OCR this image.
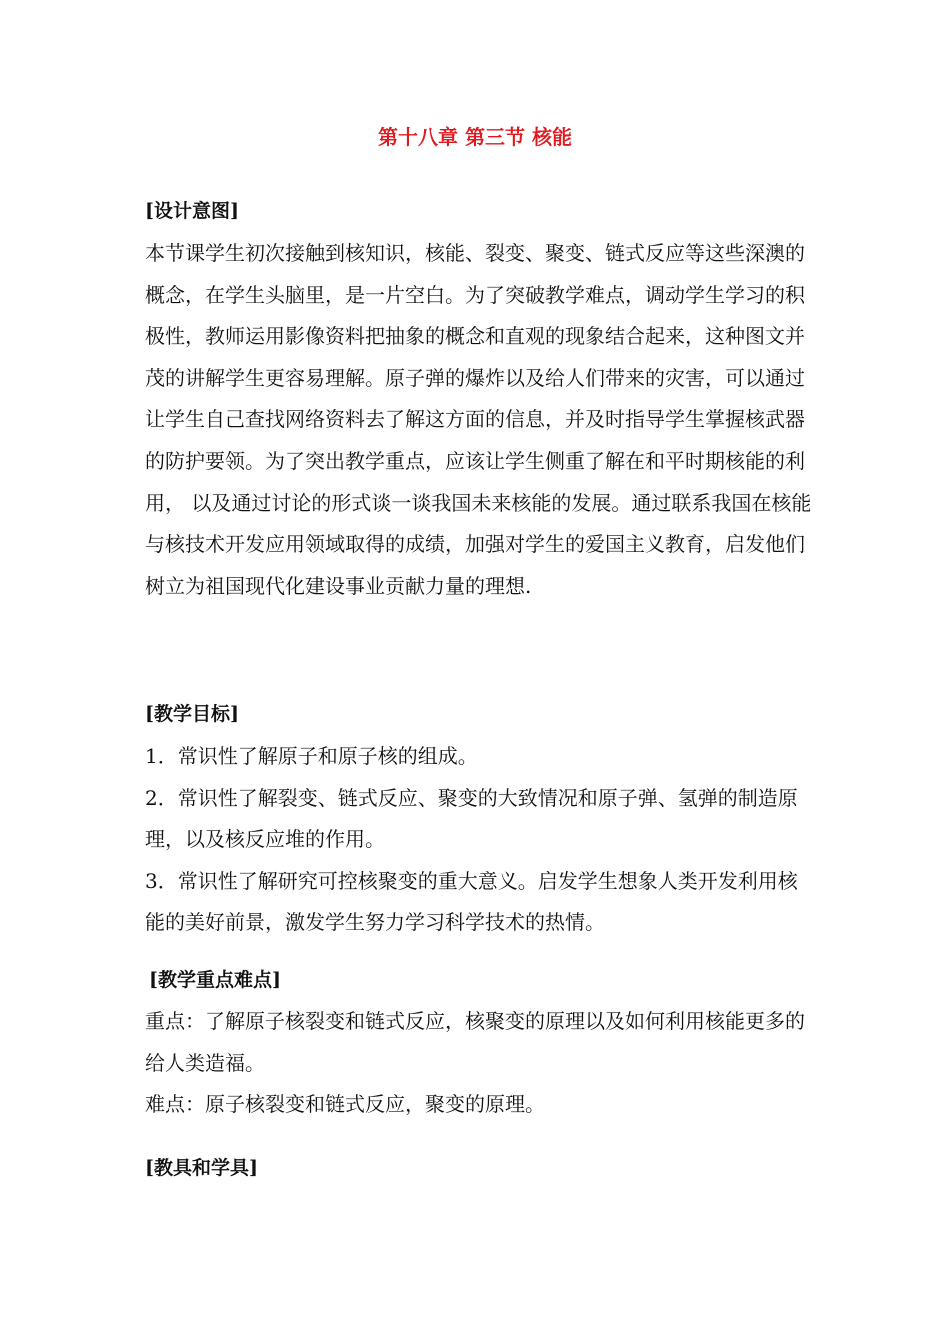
第十八章 第三节 核能
[设计意图]

本节课学生初次接触到核知识，核能、裂变、聚变、链式反应等这些深澳的概念，在学生头脑里，是一片空白。为了突破教学难点，调动学生学习的积极性，教师运用影像资料把抽象的概念和直观的现象结合起来，这种图文并茂的讲解学生更容易理解。原子弹的爆炸以及给人们带来的灾害，可以通过让学生自己查找网络资料去了解这方面的信息，并及时指导学生掌握核武器的防护要领。为了突出教学重点，应该让学生侧重了解在和平时期核能的利用， 以及通过讨论的形式谈一谈我国未来核能的发展。通过联系我国在核能与核技术开发应用领域取得的成绩，加强对学生的爱国主义教育，启发他们树立为祖国现代化建设事业贡献力量的理想.

[教学目标]

1．常识性了解原子和原子核的组成。

2．常识性了解裂变、链式反应、聚变的大致情况和原子弹、氢弹的制造原理，以及核反应堆的作用。

3．常识性了解研究可控核聚变的重大意义。启发学生想象人类开发利用核能的美好前景，激发学生努力学习科学技术的热情。

[教学重点难点]

重点：了解原子核裂变和链式反应，核聚变的原理以及如何利用核能更多的给人类造福。

难点：原子核裂变和链式反应，聚变的原理。

[教具和学具]
